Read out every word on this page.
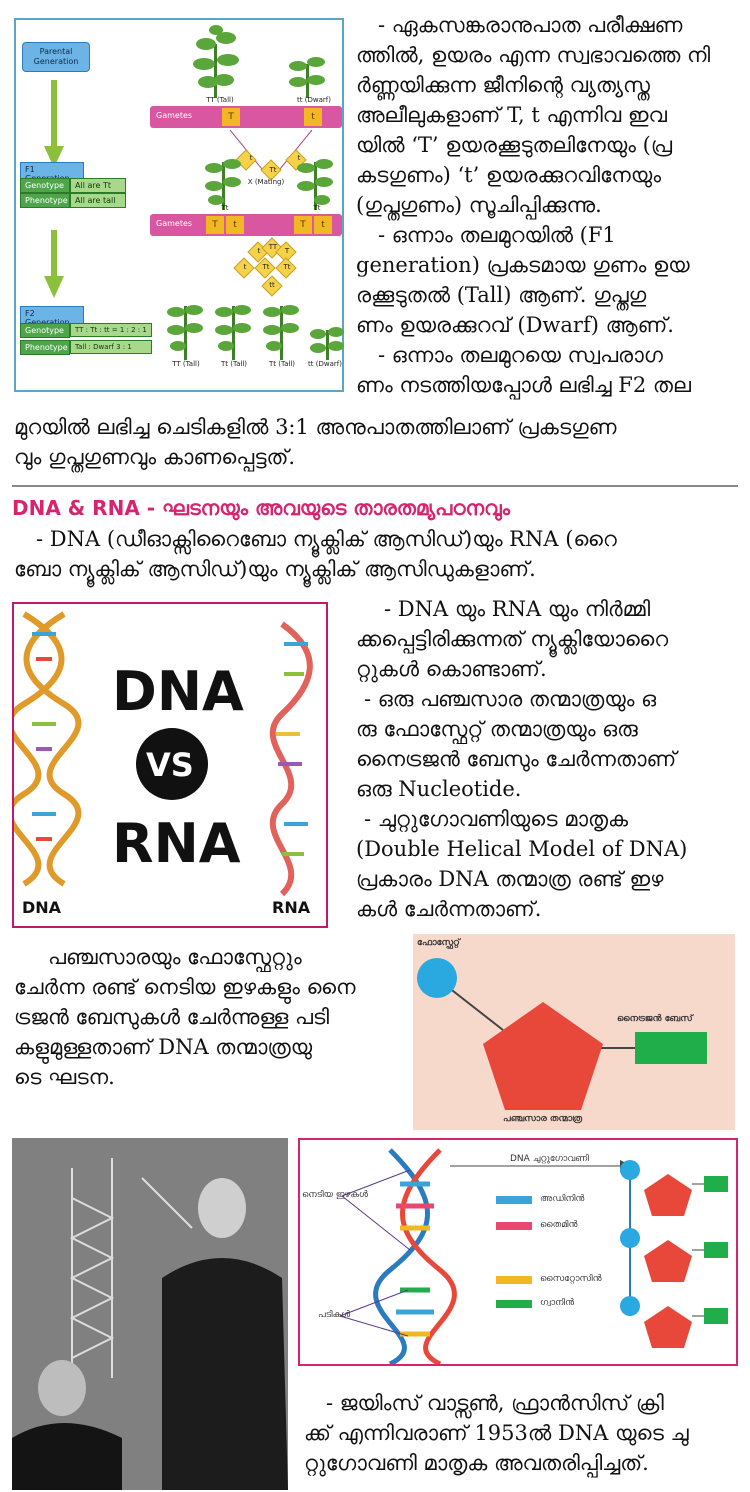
Parental Generation
F1
Genotype	All are Tt
Phenotype All are tall
F2
Genotype	TT : Tt : tt = 1 : 2 : 1
Phenotype	Tall : Dwarf 3 : 1
TT (Tall)	tt (Dwarf)
Gametes	T	t
t
Tt
t
X (Mating)
Tt	Tt
Gametes	T	t	T	t
t	TT	T
t	Tt	Tt
tt
TT (Tall)	Tt (Tall)	Tt (Tall)	tt (Dwarf)
- ഏകസങ്കരാനുപാത പരീക്ഷണ
ത്തിൽ, ഉയരം എന്ന സ്വഭാവത്തെ നി
ർണ്ണയിക്കുന്ന ജീനിന്റെ വ്യത്യസ്ത
അലീലുകളാണ് T, t എന്നിവ ഇവ
യിൽ ‘T’ ഉയരക്കൂടുതലിനേയും (പ്ര
കടഗുണം) ‘t’ ഉയരക്കുറവിനേയും
(ഗുപ്തഗുണം) സൂചിപ്പിക്കുന്നു.
- ഒന്നാം തലമുറയിൽ (F1
generation) പ്രകടമായ ഗുണം ഉയ
രക്കൂടുതൽ (Tall) ആണ്. ഗുപ്തഗു
ണം ഉയരക്കുറവ് (Dwarf) ആണ്.
- ഒന്നാം തലമുറയെ സ്വപരാഗ
ണം നടത്തിയപ്പോൾ ലഭിച്ച F2 തല
മുറയിൽ ലഭിച്ച ചെടികളിൽ 3:1 അനുപാതത്തിലാണ് പ്രകടഗുണ
വും ഗുപ്തഗുണവും കാണപ്പെട്ടത്.
DNA & RNA - ഘടനയും അവയുടെ താരതമ്യപഠനവും
- DNA (ഡീഓക്സിറൈബോ ന്യൂക്ലിക് ആസിഡ്)യും RNA (റൈ
ബോ ന്യൂക്ലിക് ആസിഡ്)യും ന്യൂക്ലിക് ആസിഡുകളാണ്.
DNA
VS
RNA
DNA	RNA
- DNA യും RNA യും നിർമ്മി
ക്കപ്പെട്ടിരിക്കുന്നത് ന്യൂക്ലിയോറൈ
റ്റുകൾ കൊണ്ടാണ്.
- ഒരു പഞ്ചസാര തന്മാത്രയും ഒ
രു ഫോസ്ഫേറ്റ് തന്മാത്രയും ഒരു
നൈട്രജൻ ബേസും ചേർന്നതാണ്
ഒരു Nucleotide.
- ചുറ്റുഗോവണിയുടെ മാതൃക
(Double Helical Model of DNA)
പ്രകാരം DNA തന്മാത്ര രണ്ട് ഇഴ
കൾ ചേർന്നതാണ്.
പഞ്ചസാരയും ഫോസ്ഫേറ്റും
ചേർന്ന രണ്ട് നെടിയ ഇഴകളും നൈ
ട്രജൻ ബേസുകൾ ചേർന്നുള്ള പടി
കളുമുള്ളതാണ് DNA തന്മാത്രയു
ടെ ഘടന.
ഫോസ്ഫേറ്റ്
നൈട്രജൻ ബേസ്
പഞ്ചസാര തന്മാത്ര
DNA ചുറ്റുഗോവണി
നെടിയ ഇഴകൾ
പടികൾ
അഡിനിൻ
തൈമിൻ
സൈറ്റോസിൻ
ഗ്വാനിൻ
- ജയിംസ് വാട്സൺ, ഫ്രാൻസിസ് ക്രി
ക്ക് എന്നിവരാണ് 1953ൽ DNA യുടെ ചു
റ്റുഗോവണി മാതൃക അവതരിപ്പിച്ചത്.
